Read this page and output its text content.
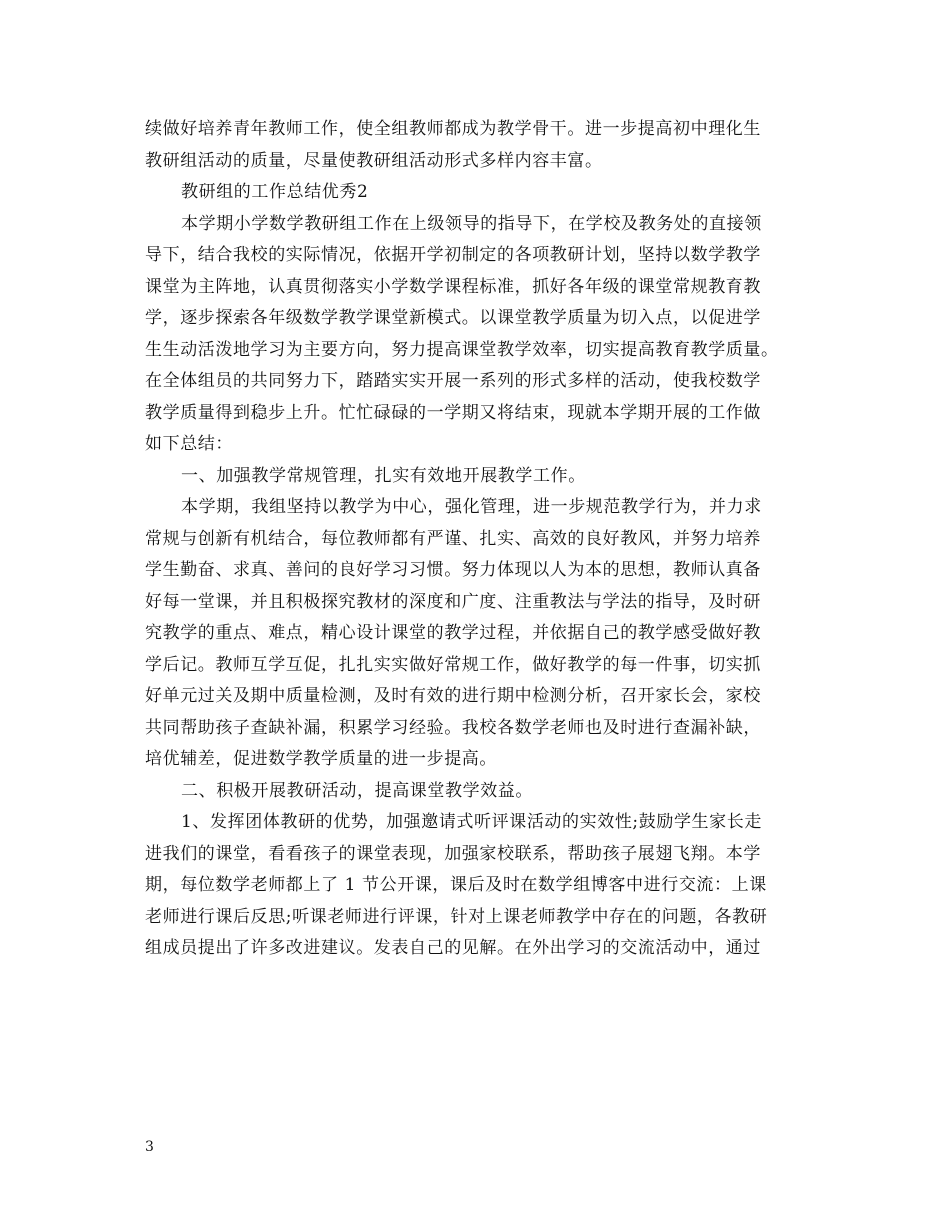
续做好培养青年教师工作，使全组教师都成为教学骨干。进一步提高初中理化生
教研组活动的质量，尽量使教研组活动形式多样内容丰富。
教研组的工作总结优秀2
本学期小学数学教研组工作在上级领导的指导下，在学校及教务处的直接领
导下，结合我校的实际情况，依据开学初制定的各项教研计划，坚持以数学教学
课堂为主阵地，认真贯彻落实小学数学课程标准，抓好各年级的课堂常规教育教
学，逐步探索各年级数学教学课堂新模式。以课堂教学质量为切入点，以促进学
生生动活泼地学习为主要方向，努力提高课堂教学效率，切实提高教育教学质量。
在全体组员的共同努力下，踏踏实实开展一系列的形式多样的活动，使我校数学
教学质量得到稳步上升。忙忙碌碌的一学期又将结束，现就本学期开展的工作做
如下总结：
一、加强教学常规管理，扎实有效地开展教学工作。
本学期，我组坚持以教学为中心，强化管理，进一步规范教学行为，并力求
常规与创新有机结合，每位教师都有严谨、扎实、高效的良好教风，并努力培养
学生勤奋、求真、善问的良好学习习惯。努力体现以人为本的思想，教师认真备
好每一堂课，并且积极探究教材的深度和广度、注重教法与学法的指导，及时研
究教学的重点、难点，精心设计课堂的教学过程，并依据自己的教学感受做好教
学后记。教师互学互促，扎扎实实做好常规工作，做好教学的每一件事，切实抓
好单元过关及期中质量检测，及时有效的进行期中检测分析，召开家长会，家校
共同帮助孩子查缺补漏，积累学习经验。我校各数学老师也及时进行查漏补缺，
培优辅差，促进数学教学质量的进一步提高。
二、积极开展教研活动，提高课堂教学效益。
1、发挥团体教研的优势，加强邀请式听评课活动的实效性;鼓励学生家长走
进我们的课堂，看看孩子的课堂表现，加强家校联系，帮助孩子展翅飞翔。本学
期，每位数学老师都上了 1 节公开课，课后及时在数学组博客中进行交流：上课
老师进行课后反思;听课老师进行评课，针对上课老师教学中存在的问题，各教研
组成员提出了许多改进建议。发表自己的见解。在外出学习的交流活动中，通过
3
